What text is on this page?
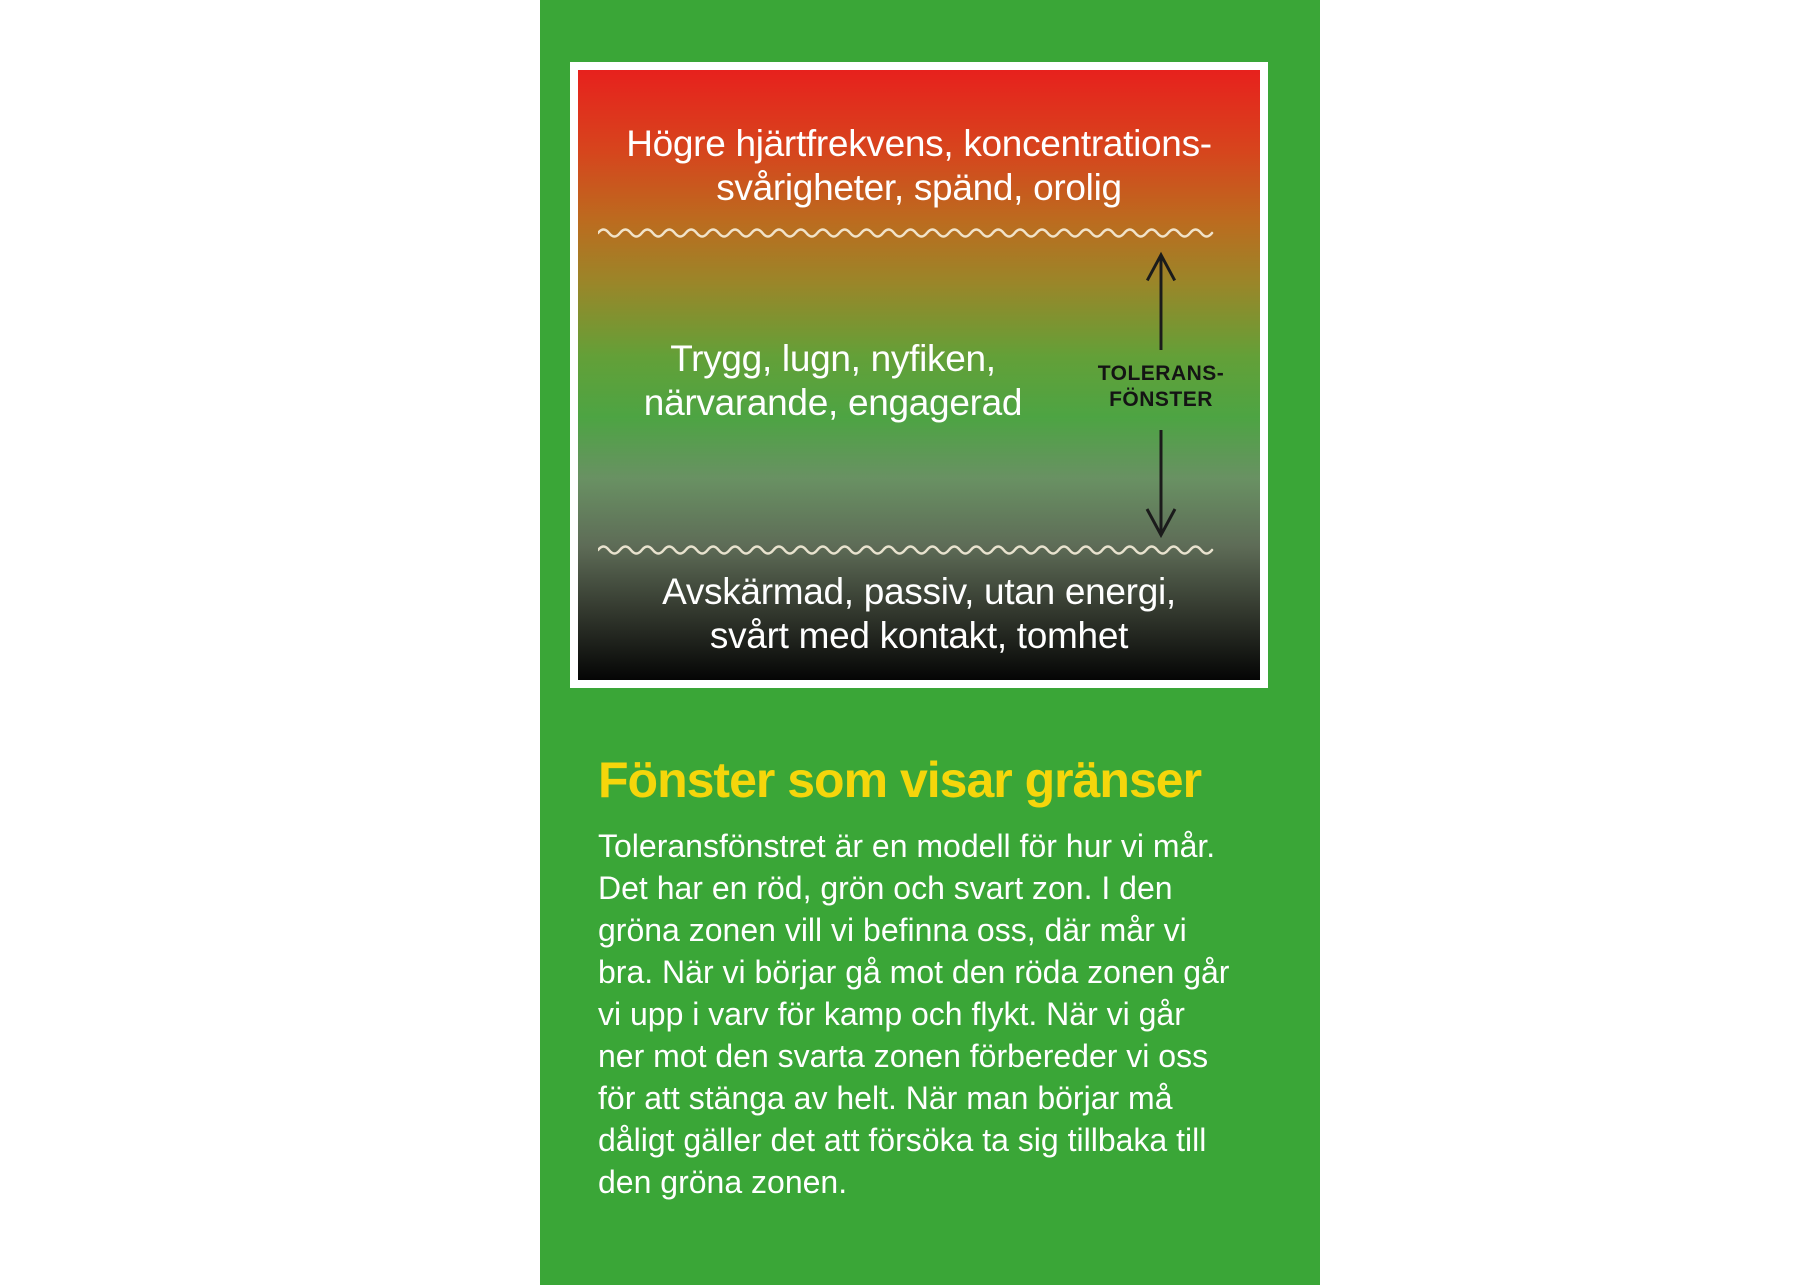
Högre hjärtfrekvens, koncentrations-
svårigheter, spänd, orolig
Trygg, lugn, nyfiken,
närvarande, engagerad
TOLERANS-
FÖNSTER
Avskärmad, passiv, utan energi,
svårt med kontakt, tomhet
Fönster som visar gränser
Toleransfönstret är en modell för hur vi mår.
Det har en röd, grön och svart zon. I den
gröna zonen vill vi befinna oss, där mår vi
bra. När vi börjar gå mot den röda zonen går
vi upp i varv för kamp och flykt. När vi går
ner mot den svarta zonen förbereder vi oss
för att stänga av helt. När man börjar må
dåligt gäller det att försöka ta sig tillbaka till
den gröna zonen.
